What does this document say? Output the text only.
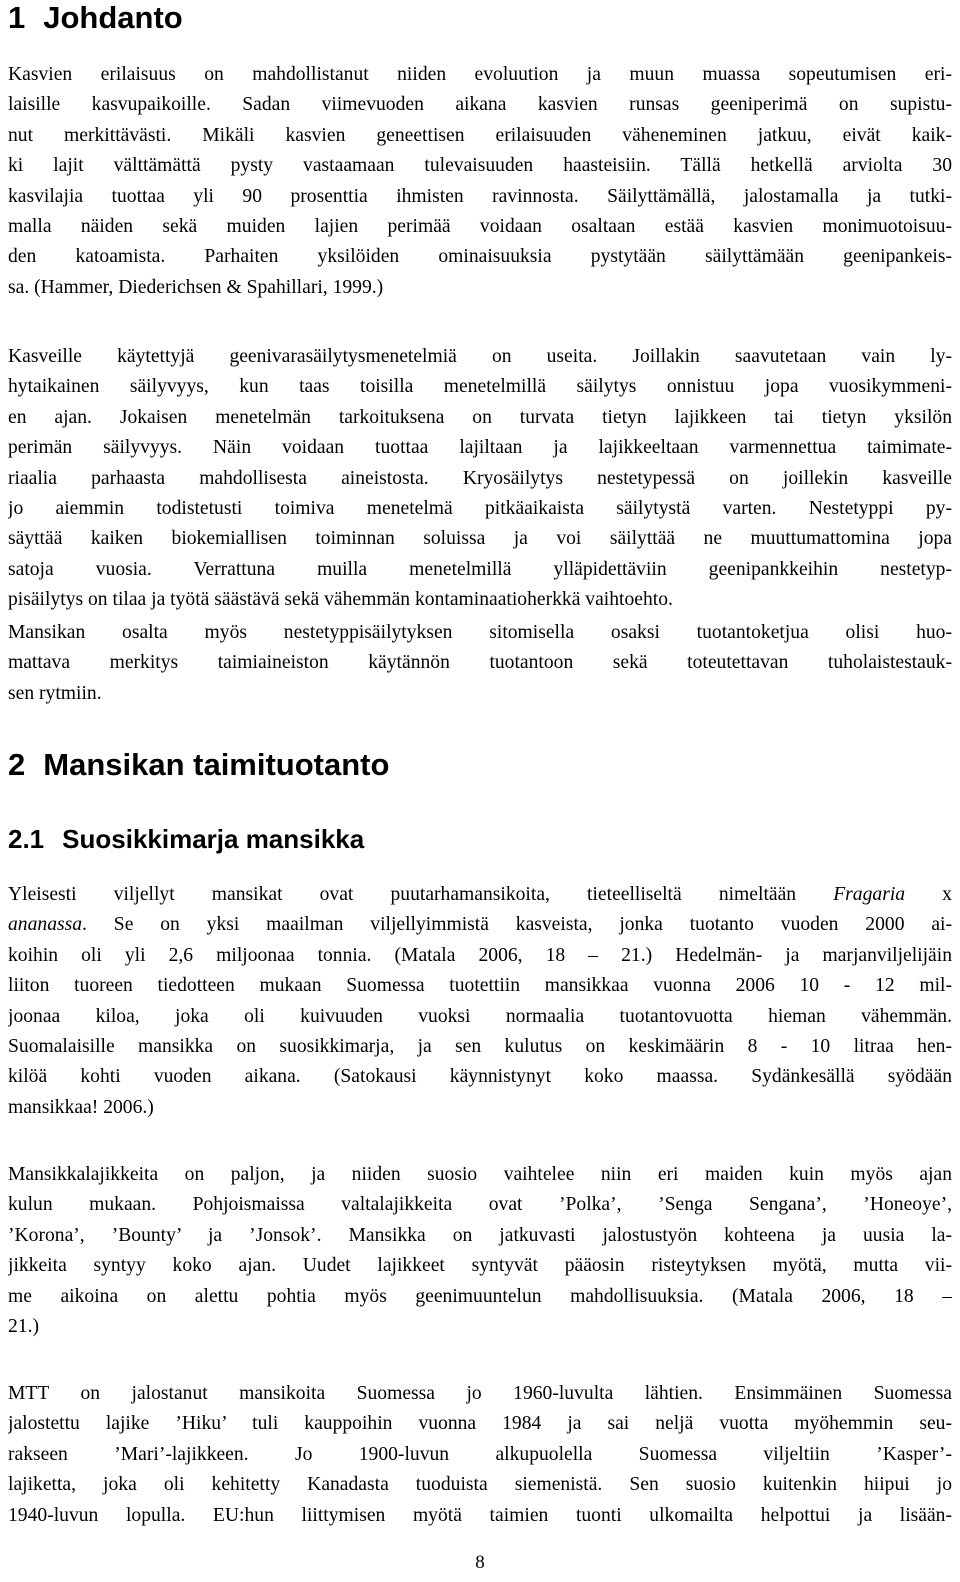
1 Johdanto
Kasvien erilaisuus on mahdollistanut niiden evoluution ja muun muassa sopeutumisen eri-
laisille kasvupaikoille. Sadan viimevuoden aikana kasvien runsas geeniperimä on supistu-
nut merkittävästi. Mikäli kasvien geneettisen erilaisuuden väheneminen jatkuu, eivät kaik-
ki lajit välttämättä pysty vastaamaan tulevaisuuden haasteisiin. Tällä hetkellä arviolta 30
kasvilajia tuottaa yli 90 prosenttia ihmisten ravinnosta. Säilyttämällä, jalostamalla ja tutki-
malla näiden sekä muiden lajien perimää voidaan osaltaan estää kasvien monimuotoisuu-
den katoamista. Parhaiten yksilöiden ominaisuuksia pystytään säilyttämään geenipankeis-
sa. (Hammer, Diederichsen & Spahillari, 1999.)
Kasveille käytettyjä geenivarasäilytysmenetelmiä on useita. Joillakin saavutetaan vain ly-
hytaikainen säilyvyys, kun taas toisilla menetelmillä säilytys onnistuu jopa vuosikymmeni-
en ajan. Jokaisen menetelmän tarkoituksena on turvata tietyn lajikkeen tai tietyn yksilön
perimän säilyvyys. Näin voidaan tuottaa lajiltaan ja lajikkeeltaan varmennettua taimimate-
riaalia parhaasta mahdollisesta aineistosta. Kryosäilytys nestetypessä on joillekin kasveille
jo aiemmin todistetusti toimiva menetelmä pitkäaikaista säilytystä varten. Nestetyppi py-
säyttää kaiken biokemiallisen toiminnan soluissa ja voi säilyttää ne muuttumattomina jopa
satoja vuosia. Verrattuna muilla menetelmillä ylläpidettäviin geenipankkeihin nestetyp-
pisäilytys on tilaa ja työtä säästävä sekä vähemmän kontaminaatioherkkä vaihtoehto.
Mansikan osalta myös nestetyppisäilytyksen sitomisella osaksi tuotantoketjua olisi huo-
mattava merkitys taimiaineiston käytännön tuotantoon sekä toteutettavan tuholaistestauk-
sen rytmiin.
2 Mansikan taimituotanto
2.1 Suosikkimarja mansikka
Yleisesti viljellyt mansikat ovat puutarhamansikoita, tieteelliseltä nimeltään Fragaria x
ananassa. Se on yksi maailman viljellyimmistä kasveista, jonka tuotanto vuoden 2000 ai-
koihin oli yli 2,6 miljoonaa tonnia. (Matala 2006, 18 – 21.) Hedelmän- ja marjanviljelijäin
liiton tuoreen tiedotteen mukaan Suomessa tuotettiin mansikkaa vuonna 2006 10 - 12 mil-
joonaa kiloa, joka oli kuivuuden vuoksi normaalia tuotantovuotta hieman vähemmän.
Suomalaisille mansikka on suosikkimarja, ja sen kulutus on keskimäärin 8 - 10 litraa hen-
kilöä kohti vuoden aikana. (Satokausi käynnistynyt koko maassa. Sydänkesällä syödään
mansikkaa! 2006.)
Mansikkalajikkeita on paljon, ja niiden suosio vaihtelee niin eri maiden kuin myös ajan
kulun mukaan. Pohjoismaissa valtalajikkeita ovat ’Polka’, ’Senga Sengana’, ’Honeoye’,
’Korona’, ’Bounty’ ja ’Jonsok’. Mansikka on jatkuvasti jalostustyön kohteena ja uusia la-
jikkeita syntyy koko ajan. Uudet lajikkeet syntyvät pääosin risteytyksen myötä, mutta vii-
me aikoina on alettu pohtia myös geenimuuntelun mahdollisuuksia. (Matala 2006, 18 –
21.)
MTT on jalostanut mansikoita Suomessa jo 1960-luvulta lähtien. Ensimmäinen Suomessa
jalostettu lajike ’Hiku’ tuli kauppoihin vuonna 1984 ja sai neljä vuotta myöhemmin seu-
rakseen ’Mari’-lajikkeen. Jo 1900-luvun alkupuolella Suomessa viljeltiin ’Kasper’-
lajiketta, joka oli kehitetty Kanadasta tuoduista siemenistä. Sen suosio kuitenkin hiipui jo
1940-luvun lopulla. EU:hun liittymisen myötä taimien tuonti ulkomailta helpottui ja lisään-
8
